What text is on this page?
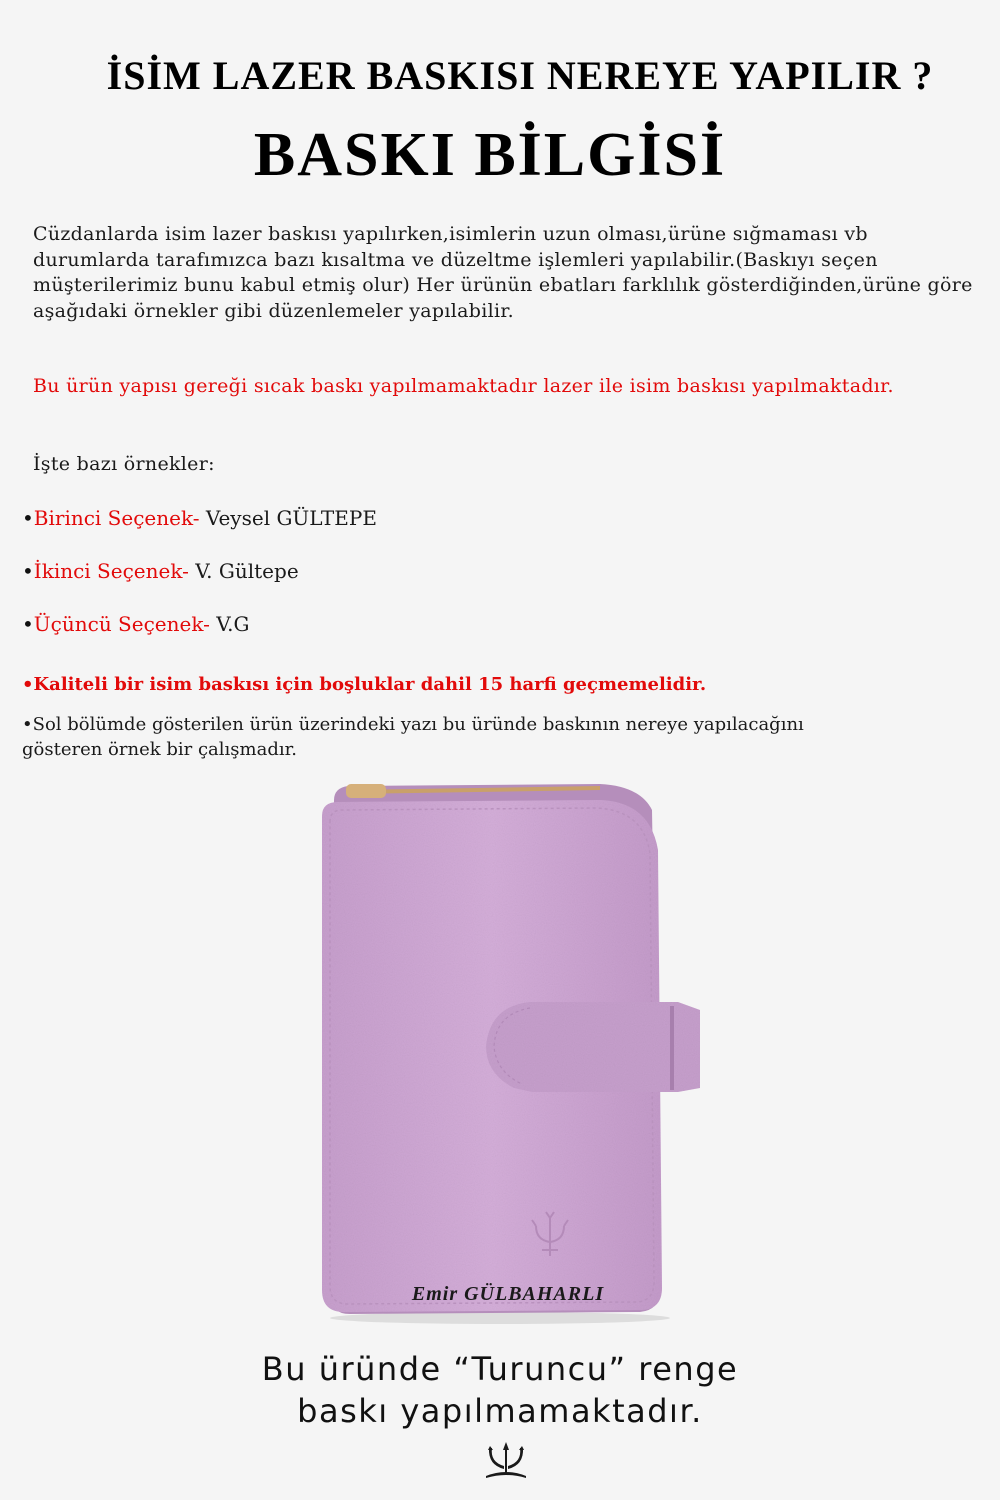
İSİM LAZER BASKISI NEREYE YAPILIR ?
BASKI BİLGİSİ

Cüzdanlarda isim lazer baskısı yapılırken,isimlerin uzun olması,ürüne sığmaması vb durumlarda tarafımızca bazı kısaltma ve düzeltme işlemleri yapılabilir.(Baskıyı seçen müşterilerimiz bunu kabul etmiş olur) Her ürünün ebatları farklılık gösterdiğinden,ürüne göre aşağıdaki örnekler gibi düzenlemeler yapılabilir.

Bu ürün yapısı gereği sıcak baskı yapılmamaktadır lazer ile isim baskısı yapılmaktadır.

İşte bazı örnekler:

•Birinci Seçenek- Veysel GÜLTEPE
•İkinci Seçenek- V. Gültepe
•Üçüncü Seçenek- V.G

•Kaliteli bir isim baskısı için boşluklar dahil 15 harfi geçmemelidir.

•Sol bölümde gösterilen ürün üzerindeki yazı bu üründe baskının nereye yapılacağını gösteren örnek bir çalışmadır.

Emir GÜLBAHARLI

Bu üründe “Turuncu” renge

baskı yapılmamaktadır.
